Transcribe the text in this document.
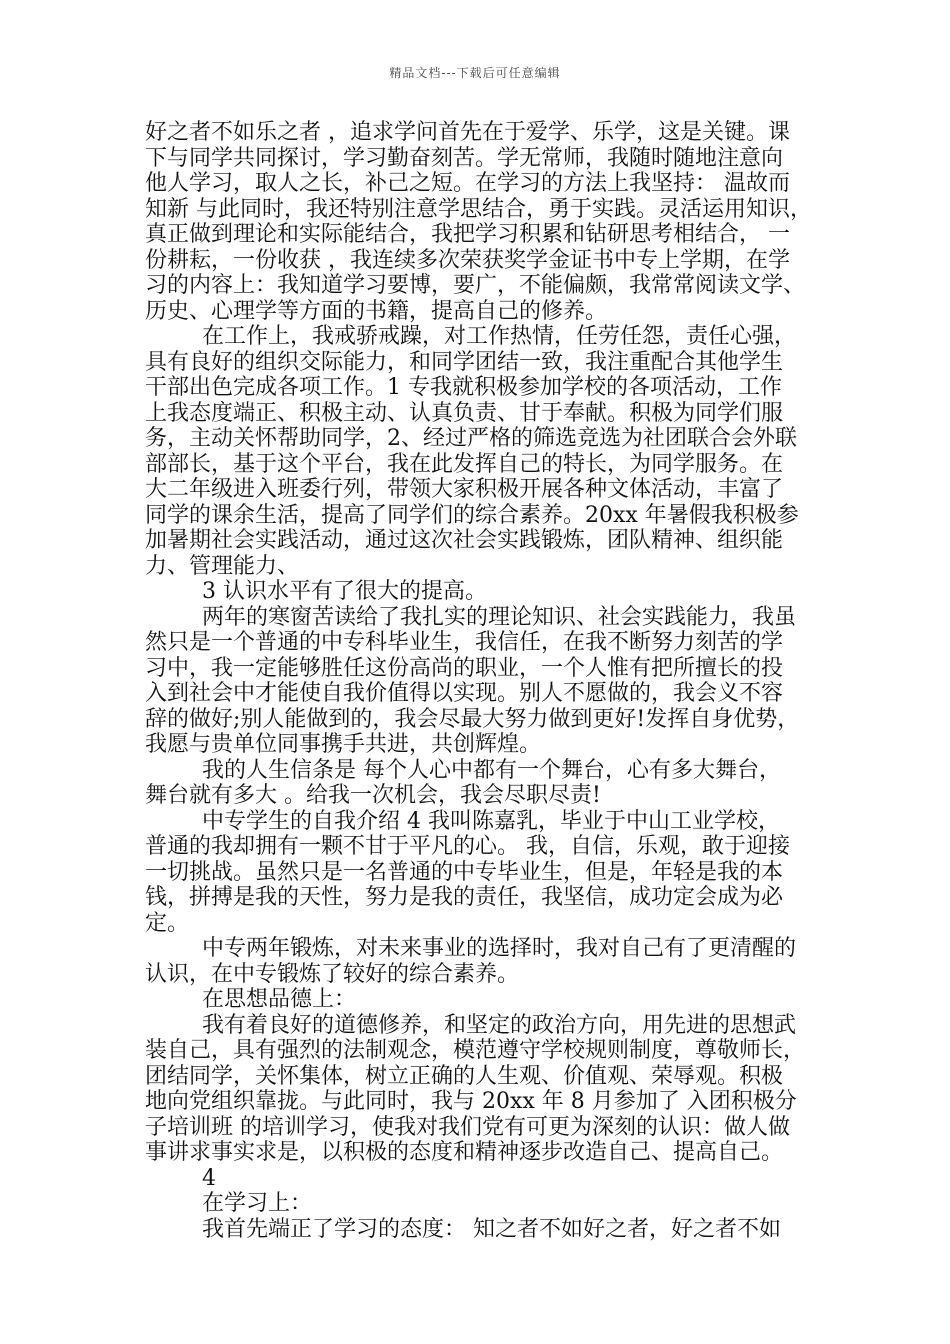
精品文档---下载后可任意编辑
好之者不如乐之者 ，追求学问首先在于爱学、乐学，这是关键。课
下与同学共同探讨，学习勤奋刻苦。学无常师，我随时随地注意向
他人学习，取人之长，补己之短。在学习的方法上我坚持： 温故而
知新 与此同时，我还特别注意学思结合，勇于实践。灵活运用知识，
真正做到理论和实际能结合，我把学习积累和钻研思考相结合， 一
份耕耘，一份收获 ，我连续多次荣获奖学金证书中专上学期，在学
习的内容上：我知道学习要博，要广，不能偏颇，我常常阅读文学、
历史、心理学等方面的书籍，提高自己的修养。
在工作上，我戒骄戒躁，对工作热情，任劳任怨，责任心强，
具有良好的组织交际能力，和同学团结一致，我注重配合其他学生
干部出色完成各项工作。1 专我就积极参加学校的各项活动，工作
上我态度端正、积极主动、认真负责、甘于奉献。积极为同学们服
务，主动关怀帮助同学，2、经过严格的筛选竞选为社团联合会外联
部部长，基于这个平台，我在此发挥自己的特长，为同学服务。在
大二年级进入班委行列，带领大家积极开展各种文体活动，丰富了
同学的课余生活，提高了同学们的综合素养。20xx 年暑假我积极参
加暑期社会实践活动，通过这次社会实践锻炼，团队精神、组织能
力、管理能力、
3 认识水平有了很大的提高。
两年的寒窗苦读给了我扎实的理论知识、社会实践能力，我虽
然只是一个普通的中专科毕业生，我信任，在我不断努力刻苦的学
习中，我一定能够胜任这份高尚的职业，一个人惟有把所擅长的投
入到社会中才能使自我价值得以实现。别人不愿做的，我会义不容
辞的做好;别人能做到的，我会尽最大努力做到更好!发挥自身优势，
我愿与贵单位同事携手共进，共创辉煌。
我的人生信条是 每个人心中都有一个舞台，心有多大舞台，
舞台就有多大 。给我一次机会，我会尽职尽责!
中专学生的自我介绍 4 我叫陈嘉乳，毕业于中山工业学校，
普通的我却拥有一颗不甘于平凡的心。 我，自信，乐观，敢于迎接
一切挑战。虽然只是一名普通的中专毕业生，但是，年轻是我的本
钱，拼搏是我的天性，努力是我的责任，我坚信，成功定会成为必
定。
中专两年锻炼，对未来事业的选择时，我对自己有了更清醒的
认识，在中专锻炼了较好的综合素养。
在思想品德上：
我有着良好的道德修养，和坚定的政治方向，用先进的思想武
装自己，具有强烈的法制观念，模范遵守学校规则制度，尊敬师长，
团结同学，关怀集体，树立正确的人生观、价值观、荣辱观。积极
地向党组织靠拢。与此同时，我与 20xx 年 8 月参加了 入团积极分
子培训班 的培训学习，使我对我们党有可更为深刻的认识：做人做
事讲求事实求是，以积极的态度和精神逐步改造自己、提高自己。
4
在学习上：
我首先端正了学习的态度： 知之者不如好之者，好之者不如
